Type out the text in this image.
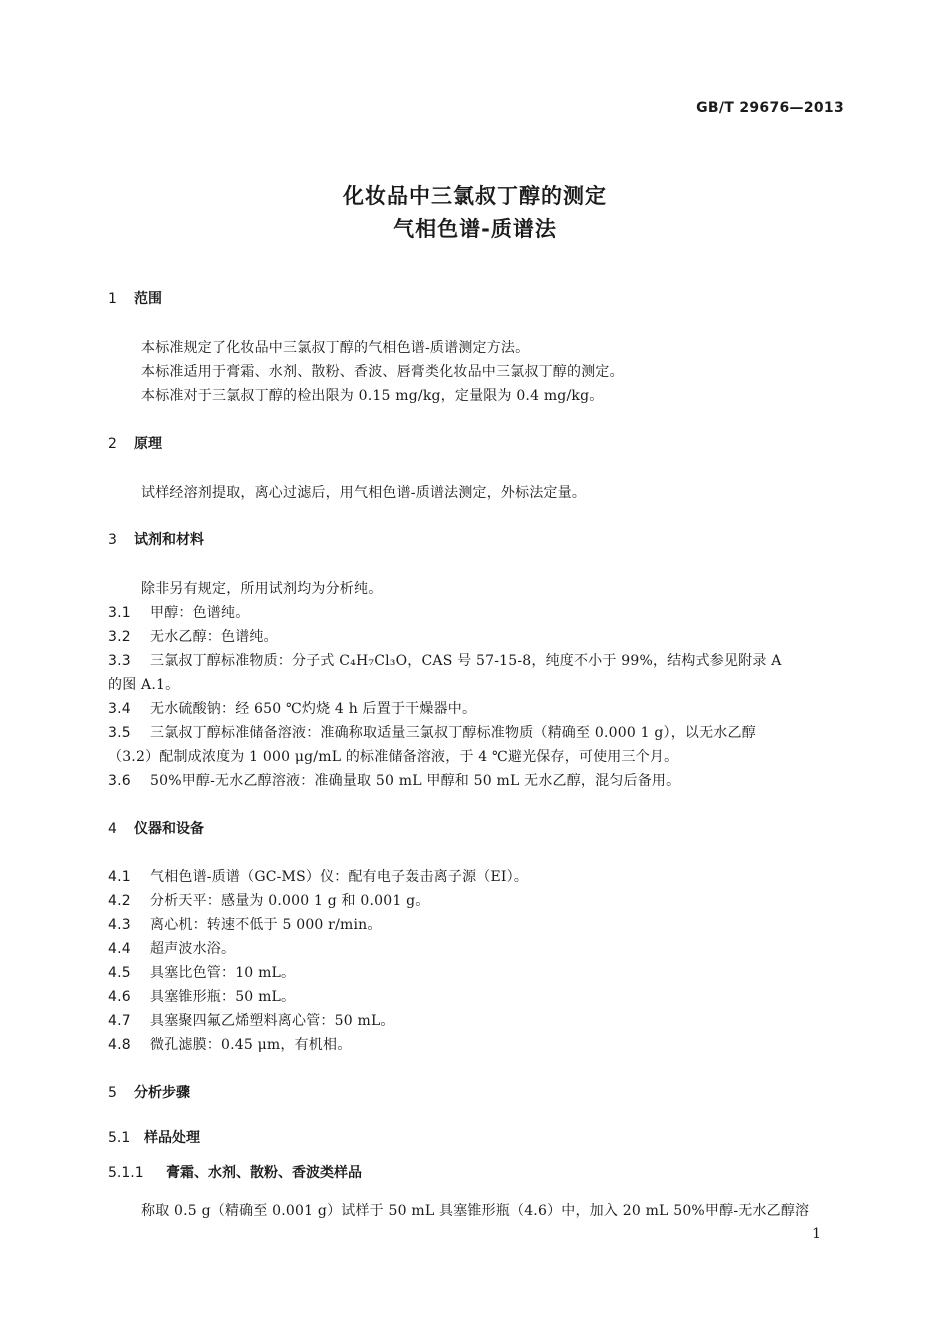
GB/T 29676—2013
化妆品中三氯叔丁醇的测定
气相色谱-质谱法
1 范围
本标准规定了化妆品中三氯叔丁醇的气相色谱-质谱测定方法。
本标准适用于膏霜、水剂、散粉、香波、唇膏类化妆品中三氯叔丁醇的测定。
本标准对于三氯叔丁醇的检出限为 0.15 mg/kg，定量限为 0.4 mg/kg。
2 原理
试样经溶剂提取，离心过滤后，用气相色谱-质谱法测定，外标法定量。
3 试剂和材料
除非另有规定，所用试剂均为分析纯。
3.1 甲醇：色谱纯。
3.2 无水乙醇：色谱纯。
3.3 三氯叔丁醇标准物质：分子式 C₄H₇Cl₃O，CAS 号 57-15-8，纯度不小于 99%，结构式参见附录 A
的图 A.1。
3.4 无水硫酸钠：经 650 ℃灼烧 4 h 后置于干燥器中。
3.5 三氯叔丁醇标准储备溶液：准确称取适量三氯叔丁醇标准物质（精确至 0.000 1 g），以无水乙醇
（3.2）配制成浓度为 1 000 μg/mL 的标准储备溶液，于 4 ℃避光保存，可使用三个月。
3.6 50%甲醇-无水乙醇溶液：准确量取 50 mL 甲醇和 50 mL 无水乙醇，混匀后备用。
4 仪器和设备
4.1 气相色谱-质谱（GC-MS）仪：配有电子轰击离子源（EI）。
4.2 分析天平：感量为 0.000 1 g 和 0.001 g。
4.3 离心机：转速不低于 5 000 r/min。
4.4 超声波水浴。
4.5 具塞比色管：10 mL。
4.6 具塞锥形瓶：50 mL。
4.7 具塞聚四氟乙烯塑料离心管：50 mL。
4.8 微孔滤膜：0.45 μm，有机相。
5 分析步骤
5.1 样品处理
5.1.1 膏霜、水剂、散粉、香波类样品
称取 0.5 g（精确至 0.001 g）试样于 50 mL 具塞锥形瓶（4.6）中，加入 20 mL 50%甲醇-无水乙醇溶
1
